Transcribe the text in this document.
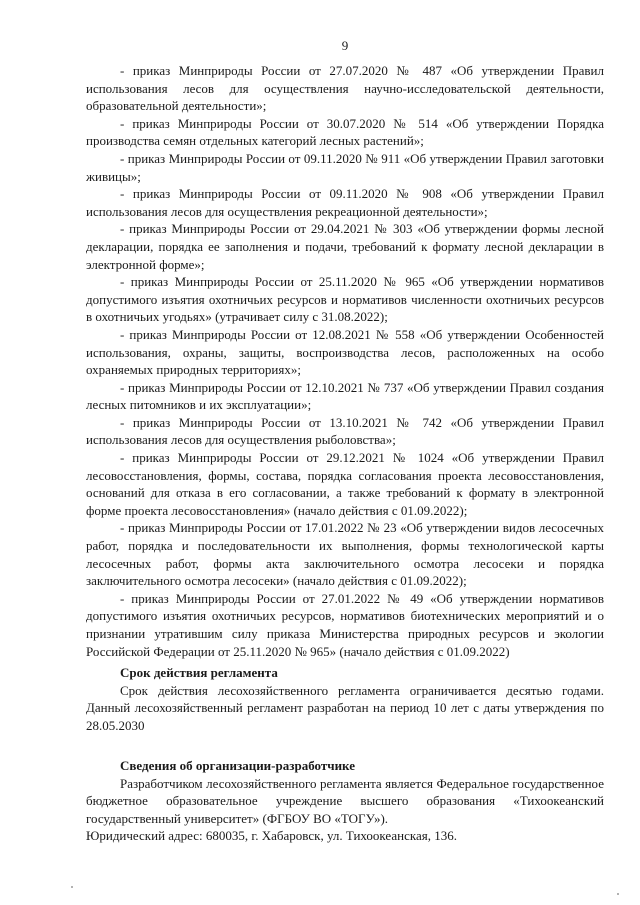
9

- приказ Минприроды России от 27.07.2020 № 487 «Об утверждении Правил использования лесов для осуществления научно-исследовательской деятельности, образовательной деятельности»;

- приказ Минприроды России от 30.07.2020 № 514 «Об утверждении Порядка производства семян отдельных категорий лесных растений»;

- приказ Минприроды России от 09.11.2020 № 911 «Об утверждении Правил заготовки живицы»;

- приказ Минприроды России от 09.11.2020 № 908 «Об утверждении Правил использования лесов для осуществления рекреационной деятельности»;

- приказ Минприроды России от 29.04.2021 № 303 «Об утверждении формы лесной декларации, порядка ее заполнения и подачи, требований к формату лесной декларации в электронной форме»;

- приказ Минприроды России от 25.11.2020 № 965 «Об утверждении нормативов допустимого изъятия охотничьих ресурсов и нормативов численности охотничьих ресурсов в охотничьих угодьях» (утрачивает силу с 31.08.2022);

- приказ Минприроды России от 12.08.2021 № 558 «Об утверждении Особенностей использования, охраны, защиты, воспроизводства лесов, расположенных на особо охраняемых природных территориях»;

- приказ Минприроды России от 12.10.2021 № 737 «Об утверждении Правил создания лесных питомников и их эксплуатации»;

- приказ Минприроды России от 13.10.2021 № 742 «Об утверждении Правил использования лесов для осуществления рыболовства»;

- приказ Минприроды России от 29.12.2021 № 1024 «Об утверждении Правил лесовосстановления, формы, состава, порядка согласования проекта лесовосстановления, оснований для отказа в его согласовании, а также требований к формату в электронной форме проекта лесовосстановления» (начало действия с 01.09.2022);

- приказ Минприроды России от 17.01.2022 № 23 «Об утверждении видов лесосечных работ, порядка и последовательности их выполнения, формы технологической карты лесосечных работ, формы акта заключительного осмотра лесосеки и порядка заключительного осмотра лесосеки» (начало действия с 01.09.2022);

- приказ Минприроды России от 27.01.2022 № 49 «Об утверждении нормативов допустимого изъятия охотничьих ресурсов, нормативов биотехнических мероприятий и о признании утратившим силу приказа Министерства природных ресурсов и экологии Российской Федерации от 25.11.2020 № 965» (начало действия с 01.09.2022)

Срок действия регламента

Срок действия лесохозяйственного регламента ограничивается десятью годами. Данный лесохозяйственный регламент разработан на период 10 лет с даты утверждения по 28.05.2030

Сведения об организации-разработчике

Разработчиком лесохозяйственного регламента является Федеральное государственное бюджетное образовательное учреждение высшего образования «Тихоокеанский государственный университет» (ФГБОУ ВО «ТОГУ»).

Юридический адрес: 680035, г. Хабаровск, ул. Тихоокеанская, 136.
